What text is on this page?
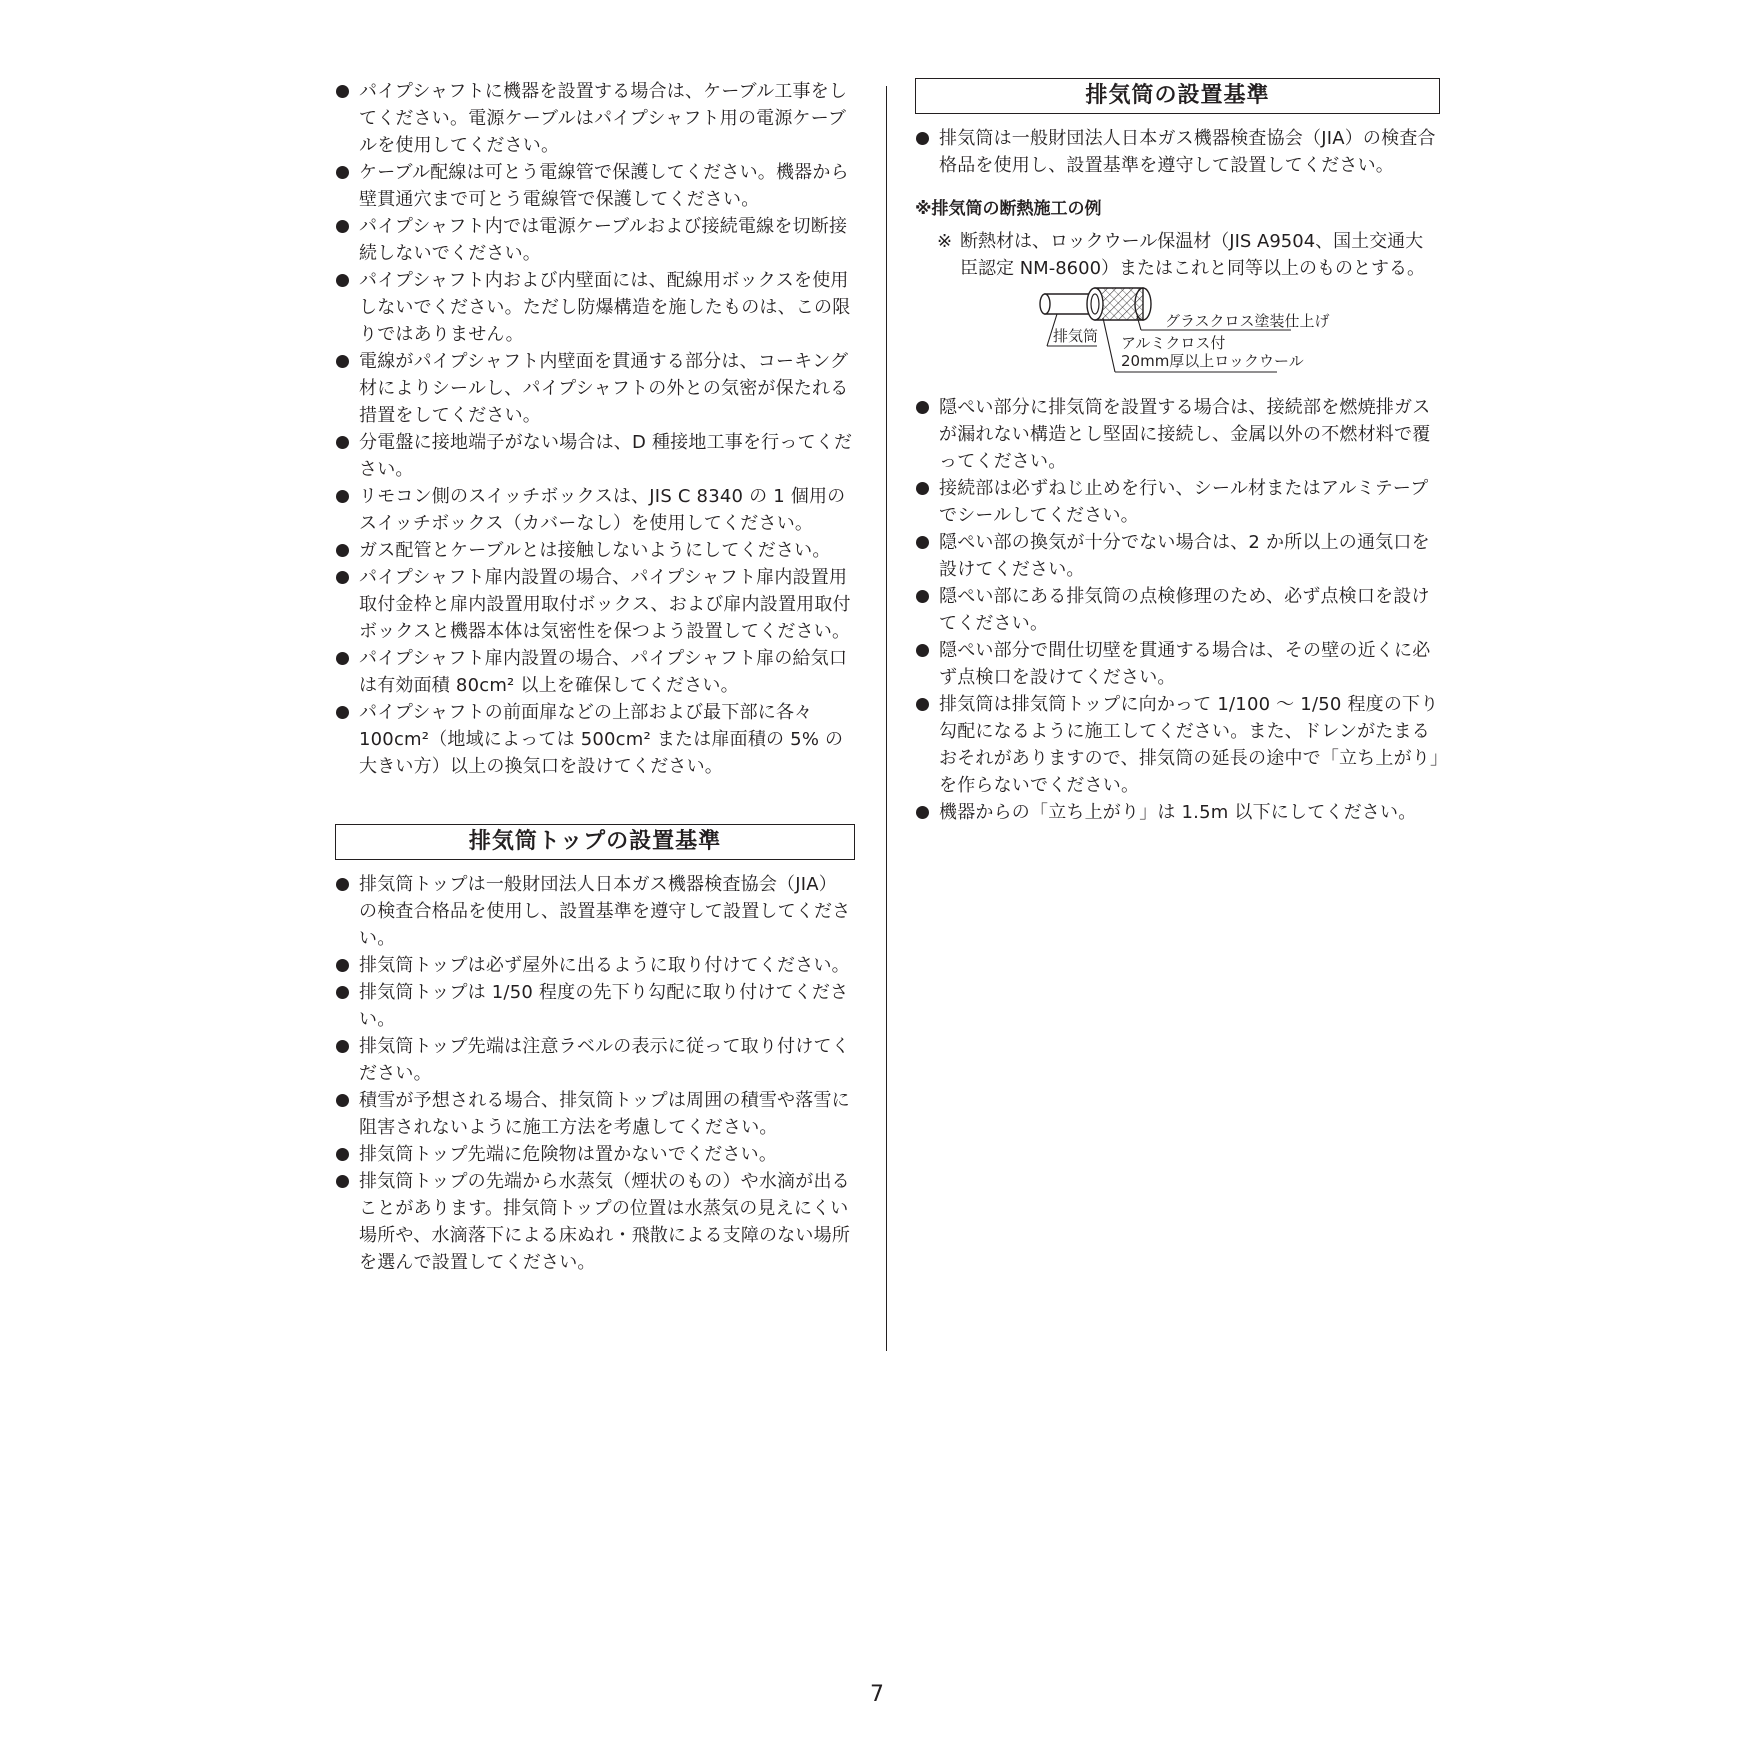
パイプシャフトに機器を設置する場合は、ケーブル工事をしてください。電源ケーブルはパイプシャフト用の電源ケーブルを使用してください。
ケーブル配線は可とう電線管で保護してください。機器から壁貫通穴まで可とう電線管で保護してください。
パイプシャフト内では電源ケーブルおよび接続電線を切断接続しないでください。
パイプシャフト内および内壁面には、配線用ボックスを使用しないでください。ただし防爆構造を施したものは、この限りではありません。
電線がパイプシャフト内壁面を貫通する部分は、コーキング材によりシールし、パイプシャフトの外との気密が保たれる措置をしてください。
分電盤に接地端子がない場合は、D 種接地工事を行ってください。
リモコン側のスイッチボックスは、JIS C 8340 の 1 個用のスイッチボックス（カバーなし）を使用してください。
ガス配管とケーブルとは接触しないようにしてください。
パイプシャフト扉内設置の場合、パイプシャフト扉内設置用取付金枠と扉内設置用取付ボックス、および扉内設置用取付ボックスと機器本体は気密性を保つよう設置してください。
パイプシャフト扉内設置の場合、パイプシャフト扉の給気口は有効面積 80cm² 以上を確保してください。
パイプシャフトの前面扉などの上部および最下部に各々100cm²（地域によっては 500cm² または扉面積の 5% の大きい方）以上の換気口を設けてください。
排気筒トップの設置基準
排気筒トップは一般財団法人日本ガス機器検査協会（JIA）の検査合格品を使用し、設置基準を遵守して設置してください。
排気筒トップは必ず屋外に出るように取り付けてください。
排気筒トップは 1/50 程度の先下り勾配に取り付けてください。
排気筒トップ先端は注意ラベルの表示に従って取り付けてください。
積雪が予想される場合、排気筒トップは周囲の積雪や落雪に阻害されないように施工方法を考慮してください。
排気筒トップ先端に危険物は置かないでください。
排気筒トップの先端から水蒸気（煙状のもの）や水滴が出ることがあります。排気筒トップの位置は水蒸気の見えにくい場所や、水滴落下による床ぬれ・飛散による支障のない場所を選んで設置してください。
排気筒の設置基準
排気筒は一般財団法人日本ガス機器検査協会（JIA）の検査合格品を使用し、設置基準を遵守して設置してください。
※排気筒の断熱施工の例
※ 断熱材は、ロックウール保温材（JIS A9504、国土交通大臣認定 NM-8600）またはこれと同等以上のものとする。
グラスクロス塗装仕上げ
排気筒 アルミクロス付
20mm厚以上ロックウール
隠ぺい部分に排気筒を設置する場合は、接続部を燃焼排ガスが漏れない構造とし堅固に接続し、金属以外の不燃材料で覆ってください。
接続部は必ずねじ止めを行い、シール材またはアルミテープでシールしてください。
隠ぺい部の換気が十分でない場合は、2 か所以上の通気口を設けてください。
隠ぺい部にある排気筒の点検修理のため、必ず点検口を設けてください。
隠ぺい部分で間仕切壁を貫通する場合は、その壁の近くに必ず点検口を設けてください。
排気筒は排気筒トップに向かって 1/100 ～ 1/50 程度の下り勾配になるように施工してください。また、ドレンがたまるおそれがありますので、排気筒の延長の途中で「立ち上がり」を作らないでください。
機器からの「立ち上がり」は 1.5m 以下にしてください。
7
